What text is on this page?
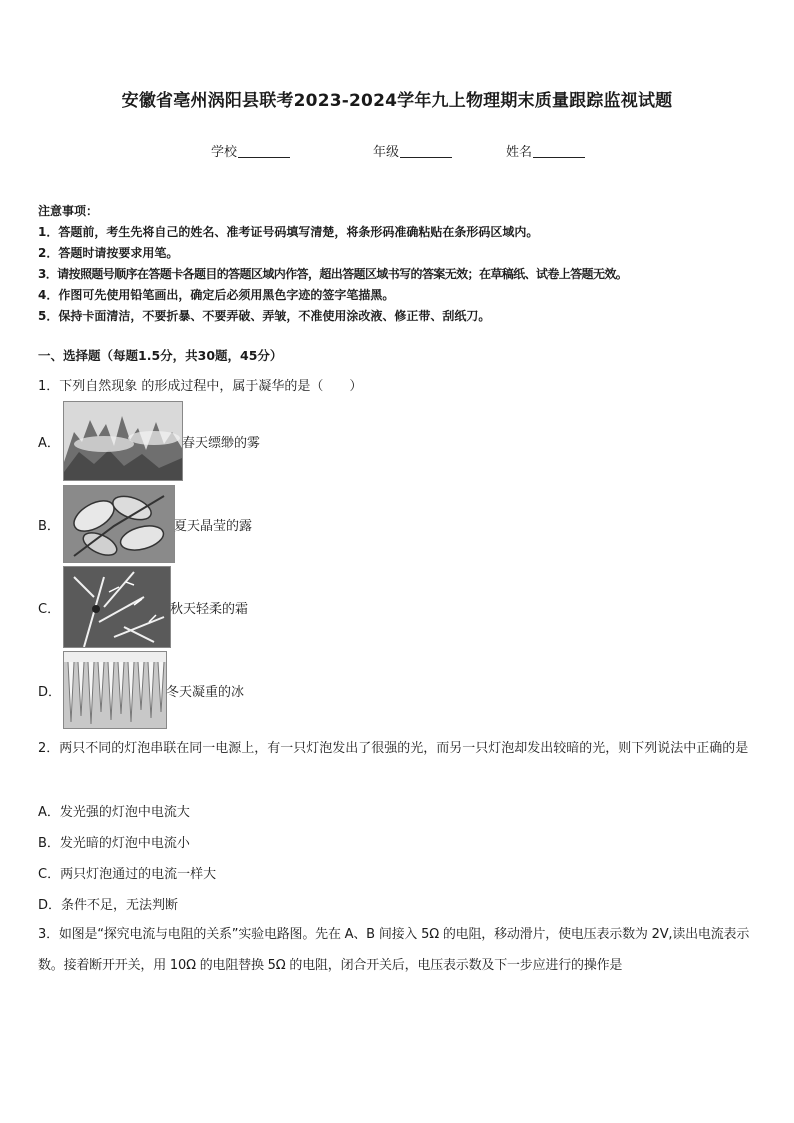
安徽省亳州涡阳县联考2023-2024学年九上物理期末质量跟踪监视试题
学校	年级	姓名
注意事项：
1．答题前，考生先将自己的姓名、准考证号码填写清楚，将条形码准确粘贴在条形码区域内。
2．答题时请按要求用笔。
3．请按照题号顺序在答题卡各题目的答题区域内作答，超出答题区域书写的答案无效；在草稿纸、试卷上答题无效。
4．作图可先使用铅笔画出，确定后必须用黑色字迹的签字笔描黑。
5．保持卡面清洁，不要折暴、不要弄破、弄皱，不准使用涂改液、修正带、刮纸刀。
一、选择题（每题1.5分，共30题，45分）
1．下列自然现象 的形成过程中，属于凝华的是（　　）
A．	春天缥缈的雾
B．	夏天晶莹的露
C．	秋天轻柔的霜
D．	冬天凝重的冰
2．两只不同的灯泡串联在同一电源上，有一只灯泡发出了很强的光，而另一只灯泡却发出较暗的光，则下列说法中正确的是
A．发光强的灯泡中电流大
B．发光暗的灯泡中电流小
C．两只灯泡通过的电流一样大
D．条件不足，无法判断
3．如图是“探究电流与电阻的关系”实验电路图。先在 A、B 间接入 5Ω 的电阻，移动滑片，使电压表示数为 2V,读出电流表示数。接着断开开关，用 10Ω 的电阻替换 5Ω 的电阻，闭合开关后，电压表示数及下一步应进行的操作是
